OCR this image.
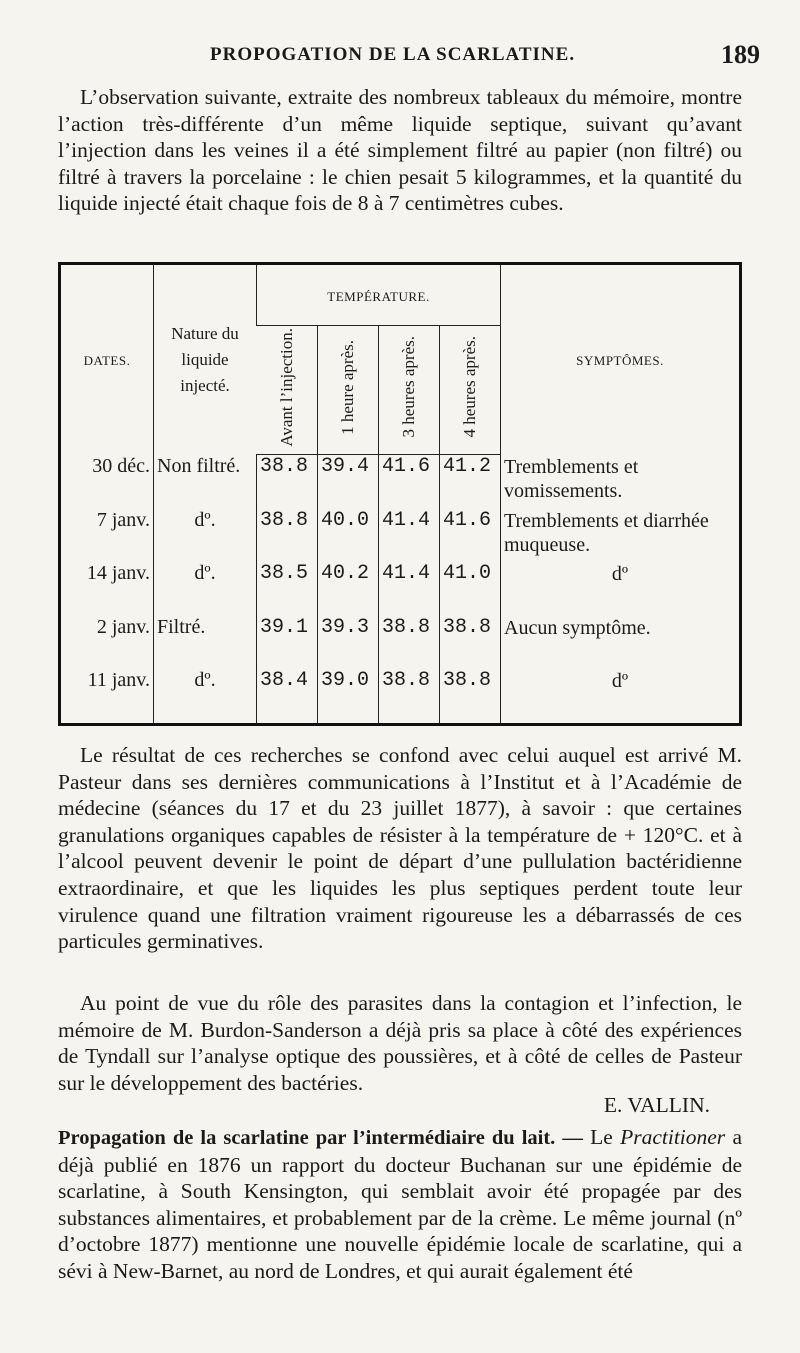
PROPOGATION DE LA SCARLATINE.	189

L’observation suivante, extraite des nombreux tableaux du mémoire, montre l’action très-différente d’un même liquide septique, suivant qu’avant l’injection dans les veines il a été simplement filtré au papier (non filtré) ou filtré à travers la porcelaine : le chien pesait 5 kilogrammes, et la quantité du liquide injecté était chaque fois de 8 à 7 centimètres cubes.

DATES.	Nature du liquide injecté.	TEMPÉRATURE.				SYMPTÔMES.
		Avant l’injection.	1 heure après.	3 heures après.	4 heures après.	
30 déc.	Non filtré.	38.8	39.4	41.6	41.2	Tremblements et vomissements.
7 janv.	dº.	38.8	40.0	41.4	41.6	Tremblements et diarrhée muqueuse.
14 janv.	dº.	38.5	40.2	41.4	41.0	dº
2 janv.	Filtré.	39.1	39.3	38.8	38.8	Aucun symptôme.
11 janv.	dº.	38.4	39.0	38.8	38.8	dº

Le résultat de ces recherches se confond avec celui auquel est arrivé M. Pasteur dans ses dernières communications à l’Institut et à l’Académie de médecine (séances du 17 et du 23 juillet 1877), à savoir : que certaines granulations organiques capables de résister à la température de + 120°C. et à l’alcool peuvent devenir le point de départ d’une pullulation bactéridienne extraordinaire, et que les liquides les plus septiques perdent toute leur virulence quand une filtration vraiment rigoureuse les a débarrassés de ces particules germinatives.

Au point de vue du rôle des parasites dans la contagion et l’infection, le mémoire de M. Burdon-Sanderson a déjà pris sa place à côté des expériences de Tyndall sur l’analyse optique des poussières, et à côté de celles de Pasteur sur le développement des bactéries.

E. VALLIN.

Propagation de la scarlatine par l’intermédiaire du lait. — Le Practitioner a déjà publié en 1876 un rapport du docteur Buchanan sur une épidémie de scarlatine, à South Kensington, qui semblait avoir été propagée par des substances alimentaires, et probablement par de la crème. Le même journal (nº d’octobre 1877) mentionne une nouvelle épidémie locale de scarlatine, qui a sévi à New-Barnet, au nord de Londres, et qui aurait également été
